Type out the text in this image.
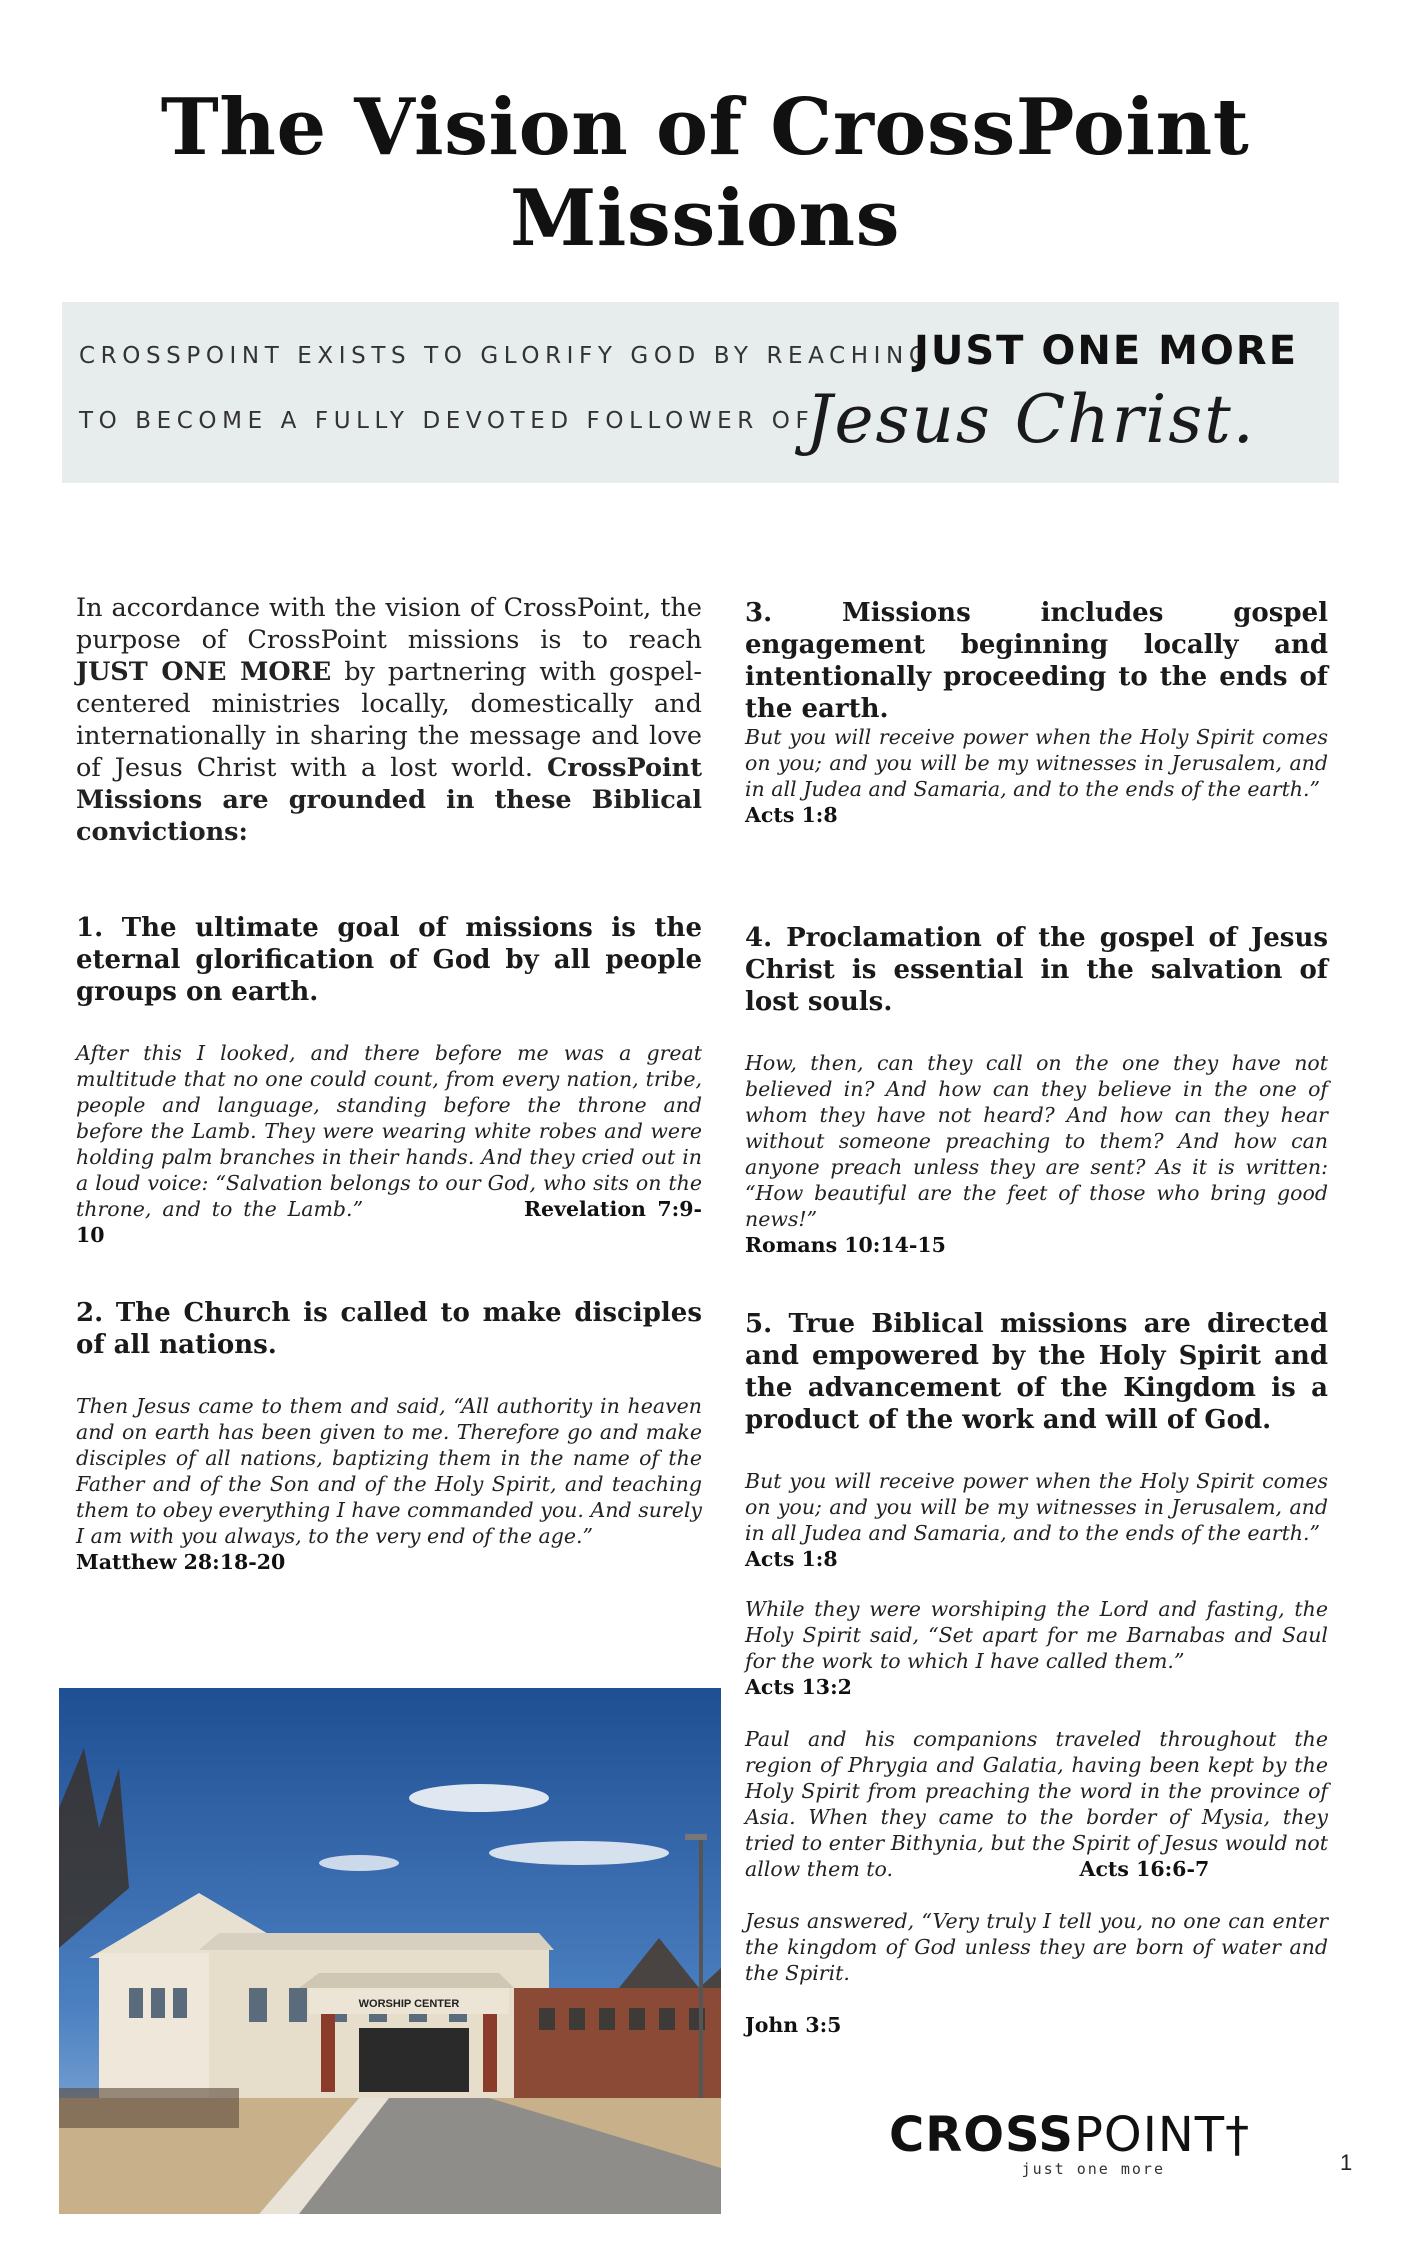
The Vision of CrossPoint Missions
CROSSPOINT EXISTS TO GLORIFY GOD BY REACHING
JUST ONE MORE
TO BECOME A FULLY DEVOTED FOLLOWER OF
Jesus Christ.
In accordance with the vision of CrossPoint, the purpose of CrossPoint missions is to reach JUST ONE MORE by partnering with gospel-centered ministries locally, domestically and internationally in sharing the message and love of Jesus Christ with a lost world. CrossPoint Missions are grounded in these Biblical convictions:
1. The ultimate goal of missions is the eternal glorification of God by all people groups on earth.
After this I looked, and there before me was a great multitude that no one could count, from every nation, tribe, people and language, standing before the throne and before the Lamb. They were wearing white robes and were holding palm branches in their hands. And they cried out in a loud voice: “Salvation belongs to our God, who sits on the throne, and to the Lamb.”	Revelation 7:9-10
2. The Church is called to make disciples of all nations.
Then Jesus came to them and said, “All authority in heaven and on earth has been given to me. Therefore go and make disciples of all nations, baptizing them in the name of the Father and of the Son and of the Holy Spirit, and teaching them to obey everything I have commanded you. And surely I am with you always, to the very end of the age.”
Matthew 28:18-20
WORSHIP CENTER
3. Missions includes gospel engagement beginning locally and intentionally proceeding to the ends of the earth.
But you will receive power when the Holy Spirit comes on you; and you will be my witnesses in Jerusalem, and in all Judea and Samaria, and to the ends of the earth.”
Acts 1:8
4. Proclamation of the gospel of Jesus Christ is essential in the salvation of lost souls.
How, then, can they call on the one they have not believed in? And how can they believe in the one of whom they have not heard? And how can they hear without someone preaching to them? And how can anyone preach unless they are sent? As it is written: “How beautiful are the feet of those who bring good news!”
Romans 10:14-15
5. True Biblical missions are directed and empowered by the Holy Spirit and the advancement of the Kingdom is a product of the work and will of God.
But you will receive power when the Holy Spirit comes on you; and you will be my witnesses in Jerusalem, and in all Judea and Samaria, and to the ends of the earth.”
Acts 1:8
While they were worshiping the Lord and fasting, the Holy Spirit said, “Set apart for me Barnabas and Saul for the work to which I have called them.”
Acts 13:2
Paul and his companions traveled throughout the region of Phrygia and Galatia, having been kept by the Holy Spirit from preaching the word in the province of Asia. When they came to the border of Mysia, they tried to enter Bithynia, but the Spirit of Jesus would not allow them to.	Acts 16:6-7
Jesus answered, “Very truly I tell you, no one can enter the kingdom of God unless they are born of water and the Spirit.
John 3:5
CROSSPOINT†
just one more	1
